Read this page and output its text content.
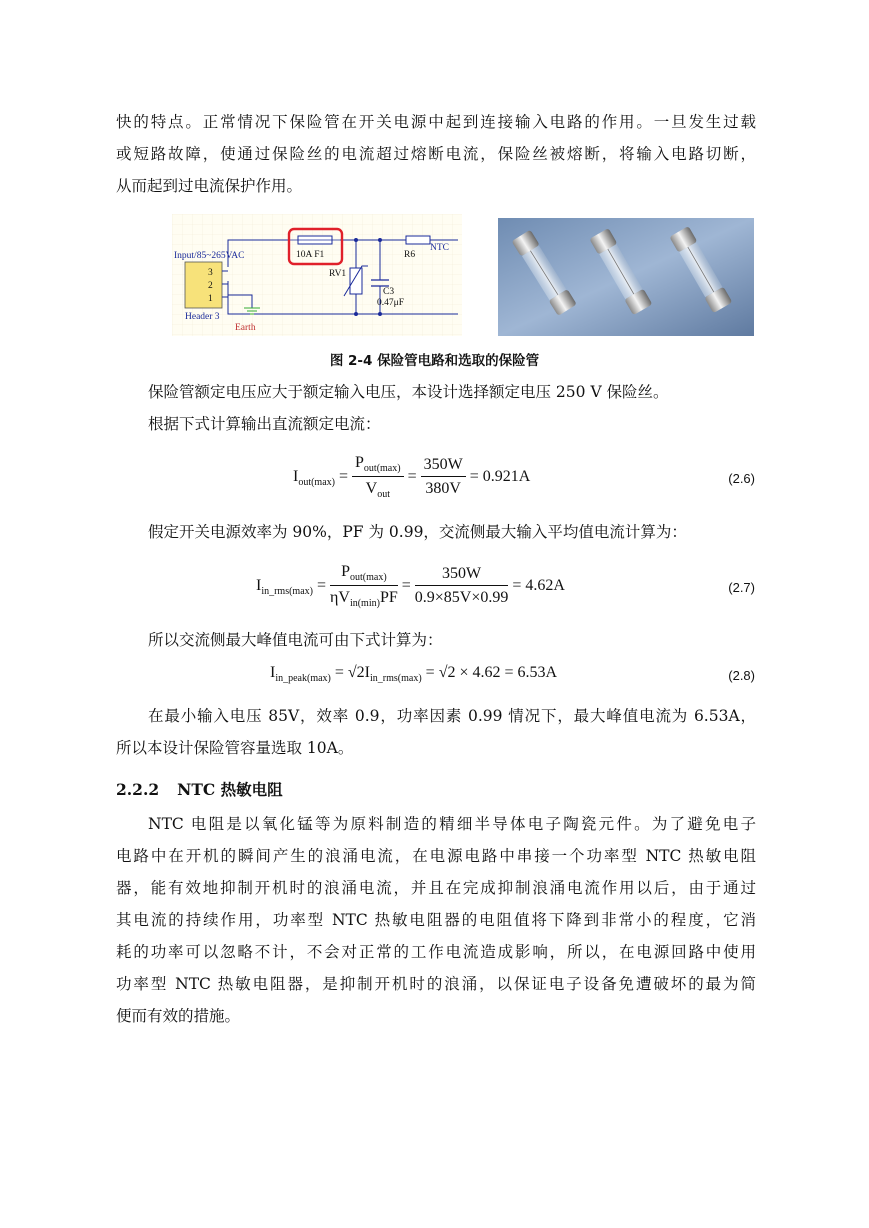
快的特点。正常情况下保险管在开关电源中起到连接输入电路的作用。一旦发生过载
或短路故障，使通过保险丝的电流超过熔断电流，保险丝被熔断，将输入电路切断，
从而起到过电流保护作用。
Input/85~265VAC
3
2
1
Header 3
Earth
10A F1
RV1
R6
NTC
C3
0.47μF
图 2-4 保险管电路和选取的保险管
保险管额定电压应大于额定输入电压，本设计选择额定电压 250 V 保险丝。
根据下式计算输出直流额定电流：
$I_{out(max)} = \frac{P_{out(max)}}{V_{out}} = \frac{350W}{380V} = 0.921A$	(2.6)
假定开关电源效率为 90%，PF 为 0.99，交流侧最大输入平均值电流计算为：
$I_{in\_rms(max)} = \frac{P_{out(max)}}{\eta V_{in(min)}PF} = \frac{350W}{0.9\times 85V\times 0.99} = 4.62A$	(2.7)
所以交流侧最大峰值电流可由下式计算为：
$I_{in\_peak(max)} = √2I_{in\_rms(max)} = √2 \times 4.62 = 6.53A$	(2.8)
在最小输入电压 85V，效率 0.9，功率因素 0.99 情况下，最大峰值电流为 6.53A，
所以本设计保险管容量选取 10A。
2.2.2 NTC 热敏电阻
NTC 电阻是以氧化锰等为原料制造的精细半导体电子陶瓷元件。为了避免电子
电路中在开机的瞬间产生的浪涌电流，在电源电路中串接一个功率型 NTC 热敏电阻
器，能有效地抑制开机时的浪涌电流，并且在完成抑制浪涌电流作用以后，由于通过
其电流的持续作用，功率型 NTC 热敏电阻器的电阻值将下降到非常小的程度，它消
耗的功率可以忽略不计，不会对正常的工作电流造成影响，所以，在电源回路中使用
功率型 NTC 热敏电阻器，是抑制开机时的浪涌，以保证电子设备免遭破坏的最为简
便而有效的措施。
